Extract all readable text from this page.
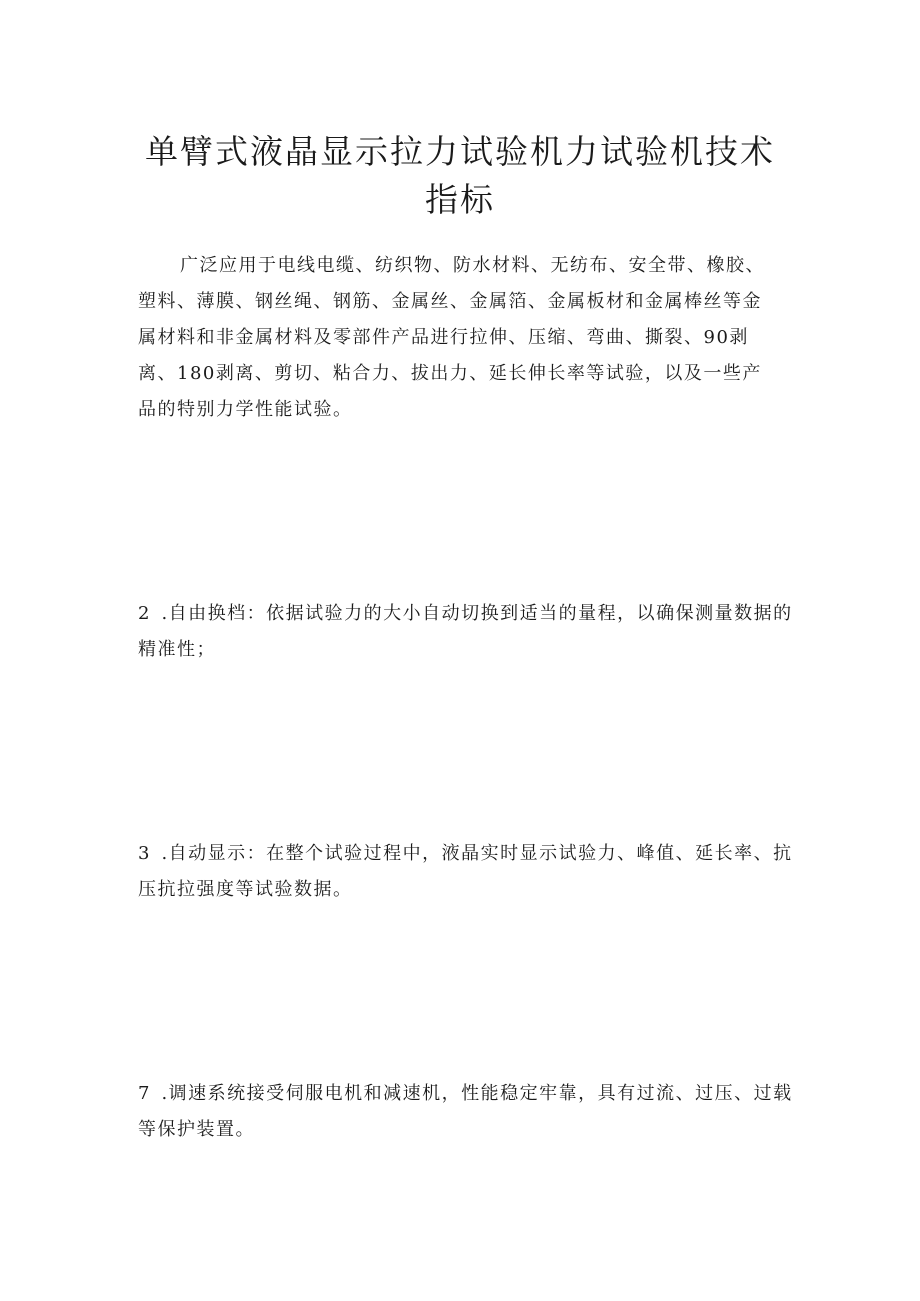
单臂式液晶显示拉力试验机力试验机技术指标

广泛应用于电线电缆、纺织物、防水材料、无纺布、安全带、橡胶、塑料、薄膜、钢丝绳、钢筋、金属丝、金属箔、金属板材和金属棒丝等金属材料和非金属材料及零部件产品进行拉伸、压缩、弯曲、撕裂、90剥离、180剥离、剪切、粘合力、拔出力、延长伸长率等试验，以及一些产品的特别力学性能试验。

2 .自由换档：依据试验力的大小自动切换到适当的量程，以确保测量数据的精准性；

3 .自动显示：在整个试验过程中，液晶实时显示试验力、峰值、延长率、抗压抗拉强度等试验数据。

7 .调速系统接受伺服电机和减速机，性能稳定牢靠，具有过流、过压、过载等保护装置。
